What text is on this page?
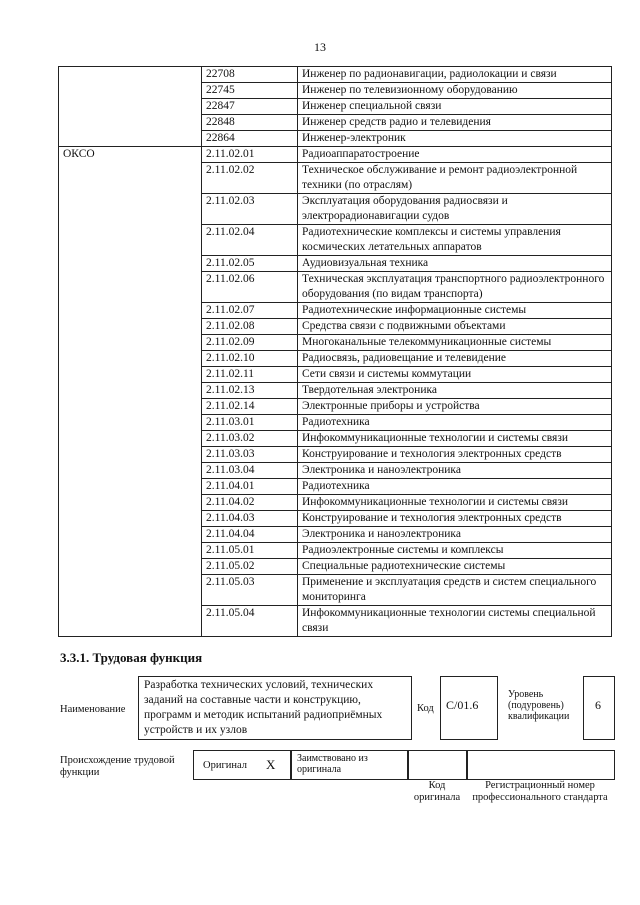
13
	22708	Инженер по радионавигации, радиолокации и связи
	22745	Инженер по телевизионному оборудованию
	22847	Инженер специальной связи
	22848	Инженер средств радио и телевидения
	22864	Инженер-электроник
ОКСО	2.11.02.01	Радиоаппаратостроение
	2.11.02.02	Техническое обслуживание и ремонт радиоэлектронной техники (по отраслям)
	2.11.02.03	Эксплуатация оборудования радиосвязи и электрорадионавигации судов
	2.11.02.04	Радиотехнические комплексы и системы управления космических летательных аппаратов
	2.11.02.05	Аудиовизуальная техника
	2.11.02.06	Техническая эксплуатация транспортного радиоэлектронного оборудования (по видам транспорта)
	2.11.02.07	Радиотехнические информационные системы
	2.11.02.08	Средства связи с подвижными объектами
	2.11.02.09	Многоканальные телекоммуникационные системы
	2.11.02.10	Радиосвязь, радиовещание и телевидение
	2.11.02.11	Сети связи и системы коммутации
	2.11.02.13	Твердотельная электроника
	2.11.02.14	Электронные приборы и устройства
	2.11.03.01	Радиотехника
	2.11.03.02	Инфокоммуникационные технологии и системы связи
	2.11.03.03	Конструирование и технология электронных средств
	2.11.03.04	Электроника и наноэлектроника
	2.11.04.01	Радиотехника
	2.11.04.02	Инфокоммуникационные технологии и системы связи
	2.11.04.03	Конструирование и технология электронных средств
	2.11.04.04	Электроника и наноэлектроника
	2.11.05.01	Радиоэлектронные системы и комплексы
	2.11.05.02	Специальные радиотехнические системы
	2.11.05.03	Применение и эксплуатация средств и систем специального мониторинга
	2.11.05.04	Инфокоммуникационные технологии системы специальной связи
3.3.1. Трудовая функция
Наименование
Разработка технических условий, технических заданий на составные части и конструкцию, программ и методик испытаний радиоприёмных устройств и их узлов
Код C/01.6
Уровень (подуровень) квалификации
6
Происхождение трудовой функции
Оригинал X Заимствовано из оригинала
Код оригинала
Регистрационный номер профессионального стандарта
